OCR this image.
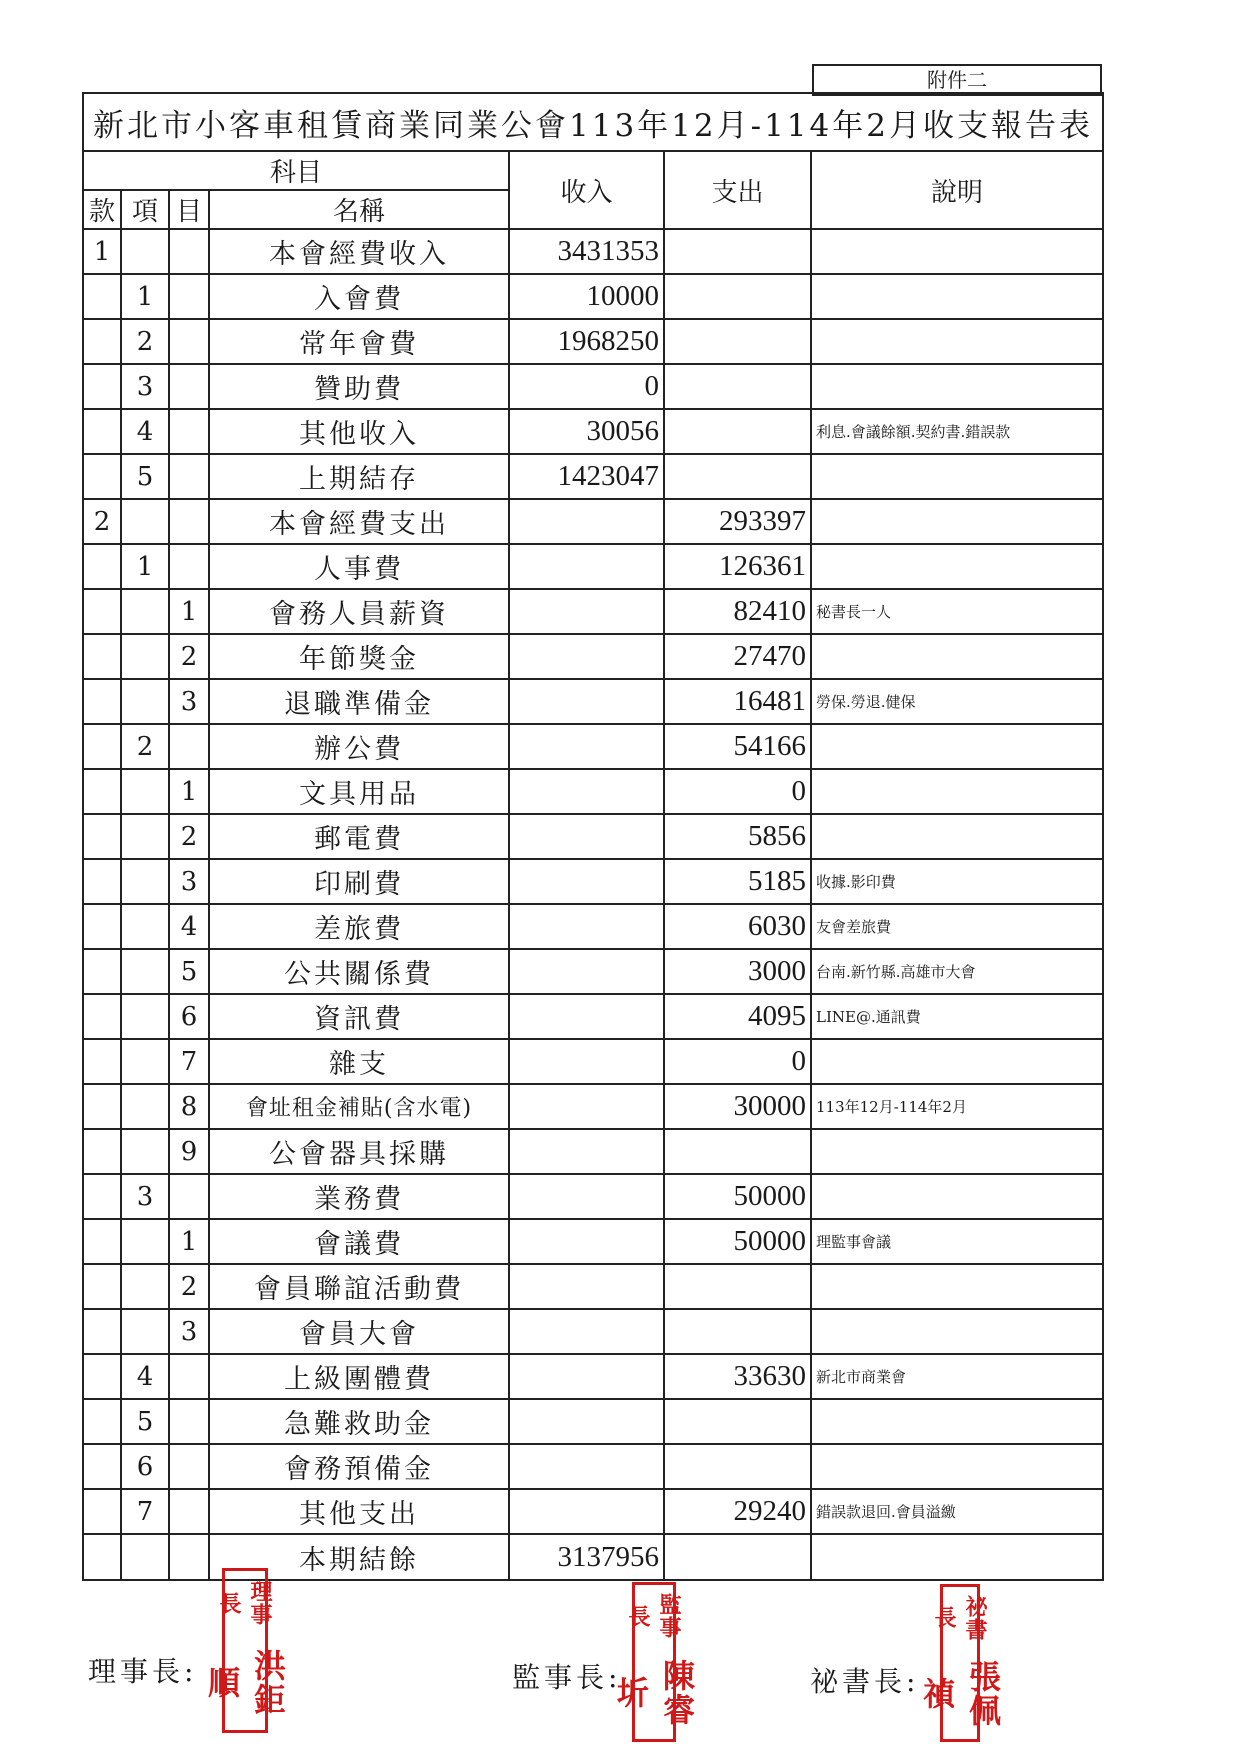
附件二
新北市小客車租賃商業同業公會113年12月-114年2月收支報告表						
科目				收入	支出	說明
款	項	目	名稱			
1			本會經費收入	3431353		
	1		入會費	10000		
	2		常年會費	1968250		
	3		贊助費	0		
	4		其他收入	30056		利息.會議餘額.契約書.錯誤款
	5		上期結存	1423047		
2			本會經費支出		293397	
	1		人事費		126361	
		1	會務人員薪資		82410	秘書長一人
		2	年節獎金		27470	
		3	退職準備金		16481	勞保.勞退.健保
	2		辦公費		54166	
		1	文具用品		0	
		2	郵電費		5856	
		3	印刷費		5185	收據.影印費
		4	差旅費		6030	友會差旅費
		5	公共關係費		3000	台南.新竹縣.高雄市大會
		6	資訊費		4095	LINE@.通訊費
		7	雜支		0	
		8	會址租金補貼(含水電)		30000	113年12月-114年2月
		9	公會器具採購			
	3		業務費		50000	
		1	會議費		50000	理監事會議
		2	會員聯誼活動費			
		3	會員大會			
	4		上級團體費		33630	新北市商業會
	5		急難救助金			
	6		會務預備金			
	7		其他支出		29240	錯誤款退回.會員溢繳
			本期結餘	3137956		
理事長:
理事長
洪鉅順	監事長:
監事長
陳睿圻	祕書長:
祕書長
張佩禎
